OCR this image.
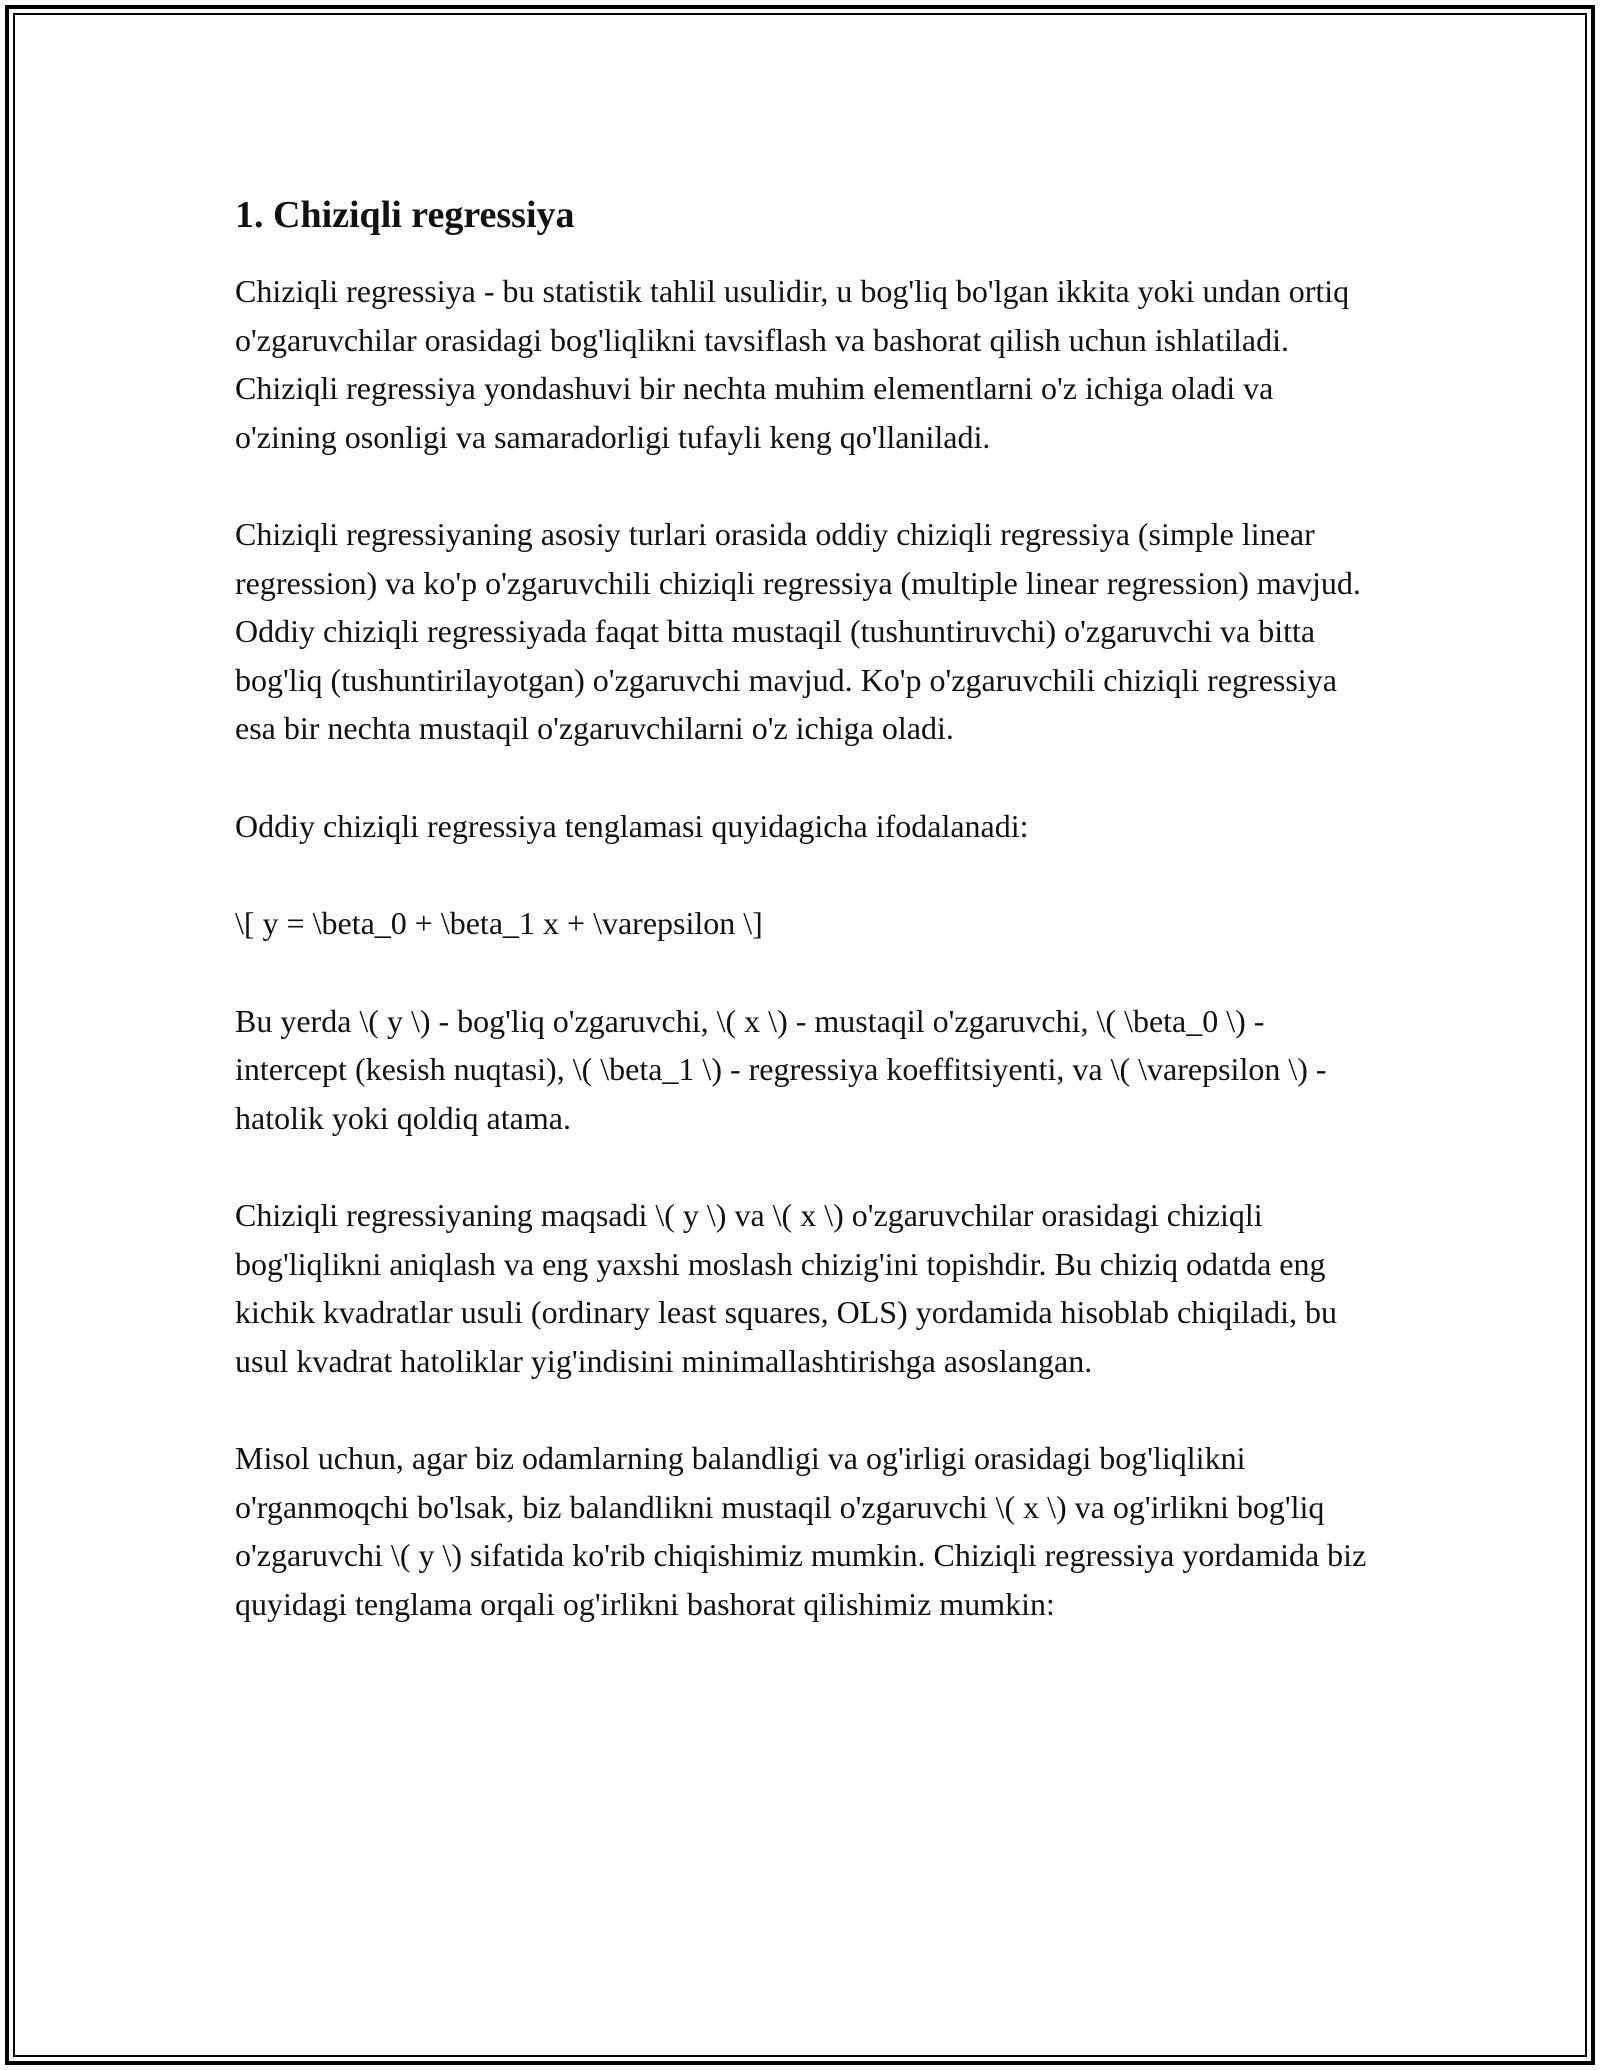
1. Chiziqli regressiya

Chiziqli regressiya - bu statistik tahlil usulidir, u bog'liq bo'lgan ikkita yoki undan ortiq o'zgaruvchilar orasidagi bog'liqlikni tavsiflash va bashorat qilish uchun ishlatiladi. Chiziqli regressiya yondashuvi bir nechta muhim elementlarni o'z ichiga oladi va o'zining osonligi va samaradorligi tufayli keng qo'llaniladi.

Chiziqli regressiyaning asosiy turlari orasida oddiy chiziqli regressiya (simple linear regression) va ko'p o'zgaruvchili chiziqli regressiya (multiple linear regression) mavjud. Oddiy chiziqli regressiyada faqat bitta mustaqil (tushuntiruvchi) o'zgaruvchi va bitta bog'liq (tushuntirilayotgan) o'zgaruvchi mavjud. Ko'p o'zgaruvchili chiziqli regressiya esa bir nechta mustaqil o'zgaruvchilarni o'z ichiga oladi.

Oddiy chiziqli regressiya tenglamasi quyidagicha ifodalanadi:

\[ y = \beta_0 + \beta_1 x + \varepsilon \]

Bu yerda \( y \) - bog'liq o'zgaruvchi, \( x \) - mustaqil o'zgaruvchi, \( \beta_0 \) - intercept (kesish nuqtasi), \( \beta_1 \) - regressiya koeffitsiyenti, va \( \varepsilon \) - hatolik yoki qoldiq atama.

Chiziqli regressiyaning maqsadi \( y \) va \( x \) o'zgaruvchilar orasidagi chiziqli bog'liqlikni aniqlash va eng yaxshi moslash chizig'ini topishdir. Bu chiziq odatda eng kichik kvadratlar usuli (ordinary least squares, OLS) yordamida hisoblab chiqiladi, bu usul kvadrat hatoliklar yig'indisini minimallashtirishga asoslangan.

Misol uchun, agar biz odamlarning balandligi va og'irligi orasidagi bog'liqlikni o'rganmoqchi bo'lsak, biz balandlikni mustaqil o'zgaruvchi \( x \) va og'irlikni bog'liq o'zgaruvchi \( y \) sifatida ko'rib chiqishimiz mumkin. Chiziqli regressiya yordamida biz quyidagi tenglama orqali og'irlikni bashorat qilishimiz mumkin:
